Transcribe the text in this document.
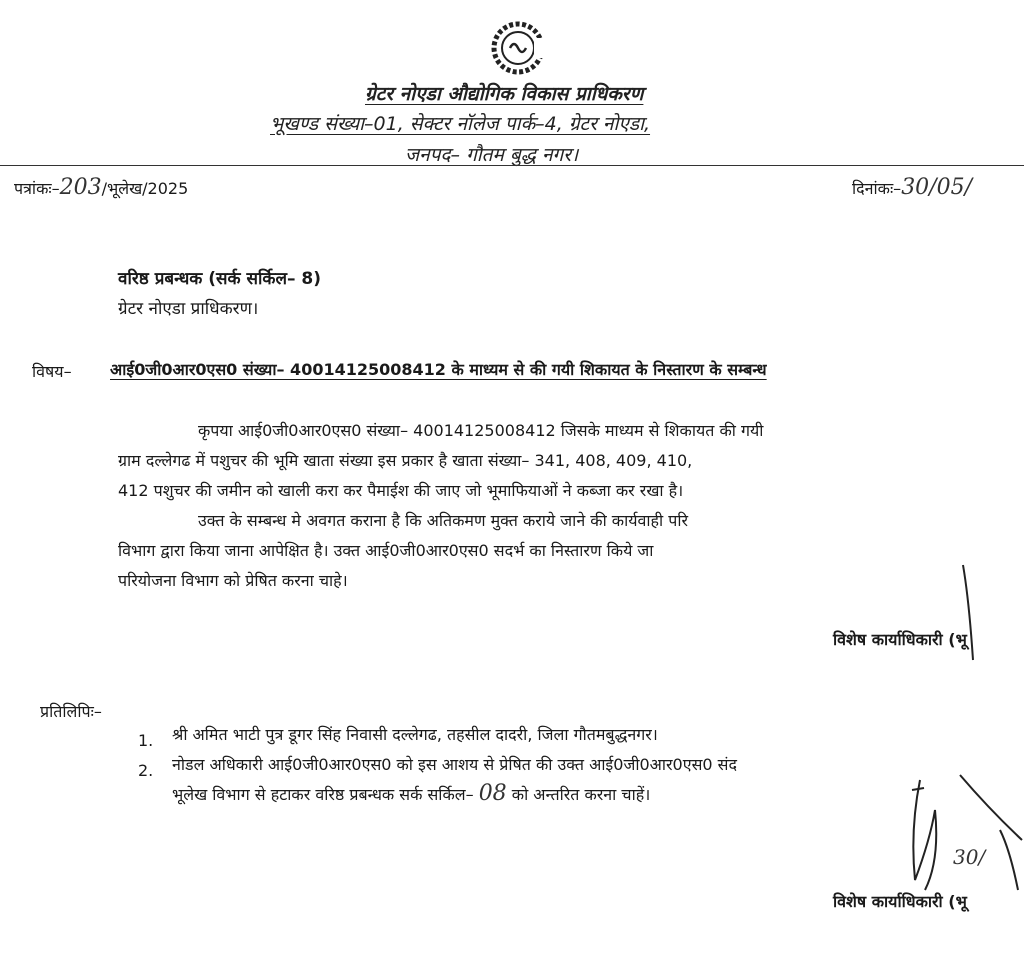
ग्रेटर नोएडा औद्योगिक विकास प्राधिकरण
भूखण्ड संख्या–01, सेक्टर नॉलेज पार्क–4, ग्रेटर नोएडा,
जनपद– गौतम बुद्ध नगर।
पत्रांकः–203/भूलेख/2025	दिनांकः–30/05/
वरिष्ठ प्रबन्धक (सर्क सर्किल– 8)
ग्रेटर नोएडा प्राधिकरण।
विषय– आई0जी0आर0एस0 संख्या– 40014125008412 के माध्यम से की गयी शिकायत के निस्तारण के सम्बन्ध
कृपया आई0जी0आर0एस0 संख्या– 40014125008412 जिसके माध्यम से शिकायत की गयी
ग्राम दल्लेगढ में पशुचर की भूमि खाता संख्या इस प्रकार है खाता संख्या– 341, 408, 409, 410,
412 पशुचर की जमीन को खाली करा कर पैमाईश की जाए जो भूमाफियाओं ने कब्जा कर रखा है।
उक्त के सम्बन्ध मे अवगत कराना है कि अतिकमण मुक्त कराये जाने की कार्यवाही परि
विभाग द्वारा किया जाना आपेक्षित है। उक्त आई0जी0आर0एस0 सदर्भ का निस्तारण किये जा
परियोजना विभाग को प्रेषित करना चाहे।
विशेष कार्याधिकारी (भू
प्रतिलिपिः–
1. श्री अमित भाटी पुत्र डूगर सिंह निवासी दल्लेगढ, तहसील दादरी, जिला गौतमबुद्धनगर।
2. नोडल अधिकारी आई0जी0आर0एस0 को इस आशय से प्रेषित की उक्त आई0जी0आर0एस0 संद
भूलेख विभाग से हटाकर वरिष्ठ प्रबन्धक सर्क सर्किल– 08 को अन्तरित करना चाहें।
30/
विशेष कार्याधिकारी (भू
